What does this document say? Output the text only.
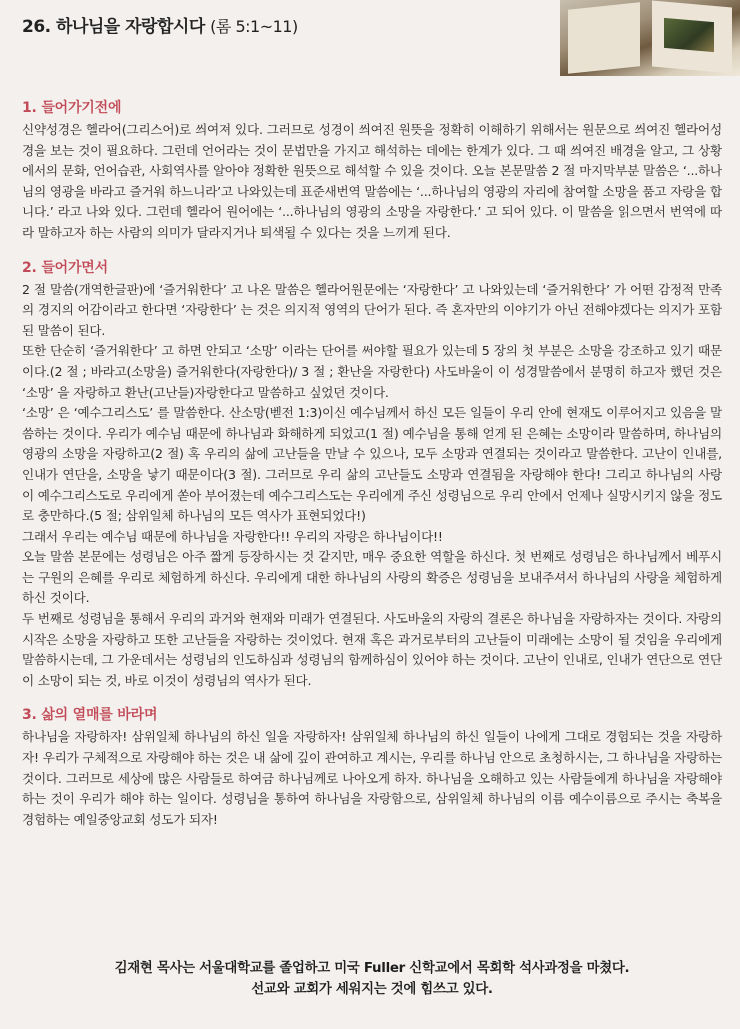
26. 하나님을 자랑합시다 (롬 5:1~11)
1. 들어가기전에

신약성경은 헬라어(그리스어)로 씌여져 있다. 그러므로 성경이 씌여진 원뜻을 정확히 이해하기 위해서는 원문으로 씌여진 헬라어성경을 보는 것이 필요하다. 그런데 언어라는 것이 문법만을 가지고 해석하는 데에는 한계가 있다. 그 때 씌여진 배경을 알고, 그 상황에서의 문화, 언어습관, 사회역사를 알아야 정확한 원뜻으로 해석할 수 있을 것이다. 오늘 본문말씀 2 절 마지막부분 말씀은 ‘...하나님의 영광을 바라고 즐거워 하느니라’고 나와있는데 표준새번역 말씀에는 ‘...하나님의 영광의 자리에 참여할 소망을 품고 자랑을 합니다.’ 라고 나와 있다. 그런데 헬라어 원어에는 ‘...하나님의 영광의 소망을 자랑한다.’ 고 되어 있다. 이 말씀을 읽으면서 번역에 따라 말하고자 하는 사람의 의미가 달라지거나 퇴색될 수 있다는 것을 느끼게 된다.

2. 들어가면서

2 절 말씀(개역한글판)에 ‘즐거워한다’ 고 나온 말씀은 헬라어원문에는 ‘자랑한다’ 고 나와있는데 ‘즐거워한다’ 가 어떤 감정적 만족의 경지의 어감이라고 한다면 ‘자랑한다’ 는 것은 의지적 영역의 단어가 된다. 즉 혼자만의 이야기가 아닌 전해야겠다는 의지가 포함된 말씀이 된다.

또한 단순히 ‘즐거워한다’ 고 하면 안되고 ‘소망’ 이라는 단어를 써야할 필요가 있는데 5 장의 첫 부분은 소망을 강조하고 있기 때문이다.(2 절 ; 바라고(소망을) 즐거워한다(자랑한다)/ 3 절 ; 환난을 자랑한다) 사도바울이 이 성경말씀에서 분명히 하고자 했던 것은 ‘소망’ 을 자랑하고 환난(고난들)자랑한다고 말씀하고 싶었던 것이다.

‘소망’ 은 ‘예수그리스도’ 를 말씀한다. 산소망(벧전 1:3)이신 예수님께서 하신 모든 일들이 우리 안에 현재도 이루어지고 있음을 말씀하는 것이다. 우리가 예수님 때문에 하나님과 화해하게 되었고(1 절) 예수님을 통해 얻게 된 은혜는 소망이라 말씀하며, 하나님의 영광의 소망을 자랑하고(2 절) 혹 우리의 삶에 고난들을 만날 수 있으나, 모두 소망과 연결되는 것이라고 말씀한다. 고난이 인내를, 인내가 연단을, 소망을 낳기 때문이다(3 절). 그러므로 우리 삶의 고난들도 소망과 연결됨을 자랑해야 한다! 그리고 하나님의 사랑이 예수그리스도로 우리에게 쏟아 부어졌는데 예수그리스도는 우리에게 주신 성령님으로 우리 안에서 언제나 실망시키지 않을 정도로 충만하다.(5 절; 삼위일체 하나님의 모든 역사가 표현되었다!)

그래서 우리는 예수님 때문에 하나님을 자랑한다!! 우리의 자랑은 하나님이다!!

오늘 말씀 본문에는 성령님은 아주 짧게 등장하시는 것 같지만, 매우 중요한 역할을 하신다. 첫 번째로 성령님은 하나님께서 베푸시는 구원의 은혜를 우리로 체험하게 하신다. 우리에게 대한 하나님의 사랑의 확증은 성령님을 보내주셔서 하나님의 사랑을 체험하게 하신 것이다.

두 번째로 성령님을 통해서 우리의 과거와 현재와 미래가 연결된다. 사도바울의 자랑의 결론은 하나님을 자랑하자는 것이다. 자랑의 시작은 소망을 자랑하고 또한 고난들을 자랑하는 것이었다. 현재 혹은 과거로부터의 고난들이 미래에는 소망이 될 것임을 우리에게 말씀하시는데, 그 가운데서는 성령님의 인도하심과 성령님의 함께하심이 있어야 하는 것이다. 고난이 인내로, 인내가 연단으로 연단이 소망이 되는 것, 바로 이것이 성령님의 역사가 된다.

3. 삶의 열매를 바라며

하나님을 자랑하자! 삼위일체 하나님의 하신 일을 자랑하자! 삼위일체 하나님의 하신 일들이 나에게 그대로 경험되는 것을 자랑하자! 우리가 구체적으로 자랑해야 하는 것은 내 삶에 깊이 관여하고 계시는, 우리를 하나님 안으로 초청하시는, 그 하나님을 자랑하는 것이다. 그러므로 세상에 많은 사람들로 하여금 하나님께로 나아오게 하자. 하나님을 오해하고 있는 사람들에게 하나님을 자랑해야 하는 것이 우리가 해야 하는 일이다. 성령님을 통하여 하나님을 자랑함으로, 삼위일체 하나님의 이름 예수이름으로 주시는 축복을 경험하는 예일중앙교회 성도가 되자!

김재현 목사는 서울대학교를 졸업하고 미국 Fuller 신학교에서 목회학 석사과정을 마쳤다.
선교와 교회가 세워지는 것에 힘쓰고 있다.
